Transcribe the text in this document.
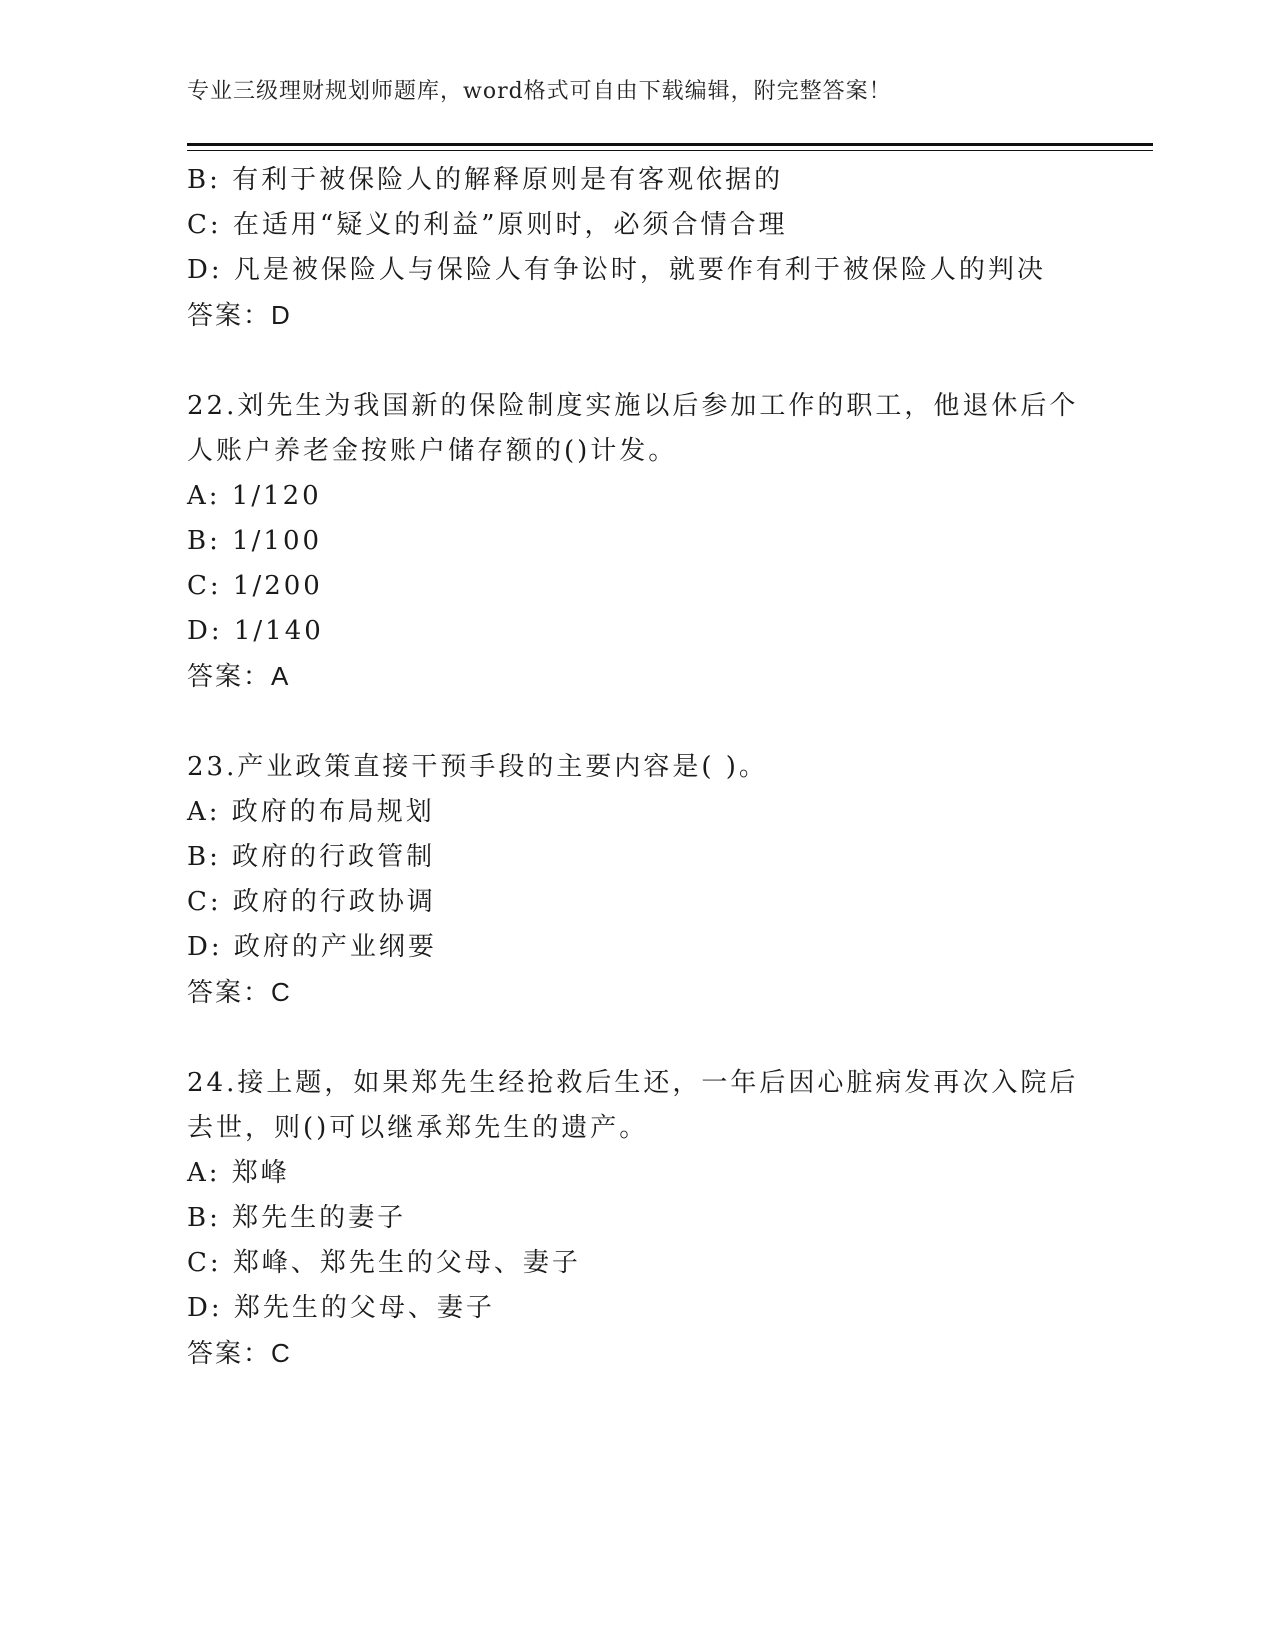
专业三级理财规划师题库，word格式可自由下载编辑，附完整答案！
B: 有利于被保险人的解释原则是有客观依据的
C: 在适用“疑义的利益”原则时，必须合情合理
D: 凡是被保险人与保险人有争讼时，就要作有利于被保险人的判决
答案：D
22.刘先生为我国新的保险制度实施以后参加工作的职工，他退休后个
人账户养老金按账户储存额的()计发。
A: 1/120
B: 1/100
C: 1/200
D: 1/140
答案：A
23.产业政策直接干预手段的主要内容是( )。
A: 政府的布局规划
B: 政府的行政管制
C: 政府的行政协调
D: 政府的产业纲要
答案：C
24.接上题，如果郑先生经抢救后生还，一年后因心脏病发再次入院后
去世，则()可以继承郑先生的遗产。
A: 郑峰
B: 郑先生的妻子
C: 郑峰、郑先生的父母、妻子
D: 郑先生的父母、妻子
答案：C
